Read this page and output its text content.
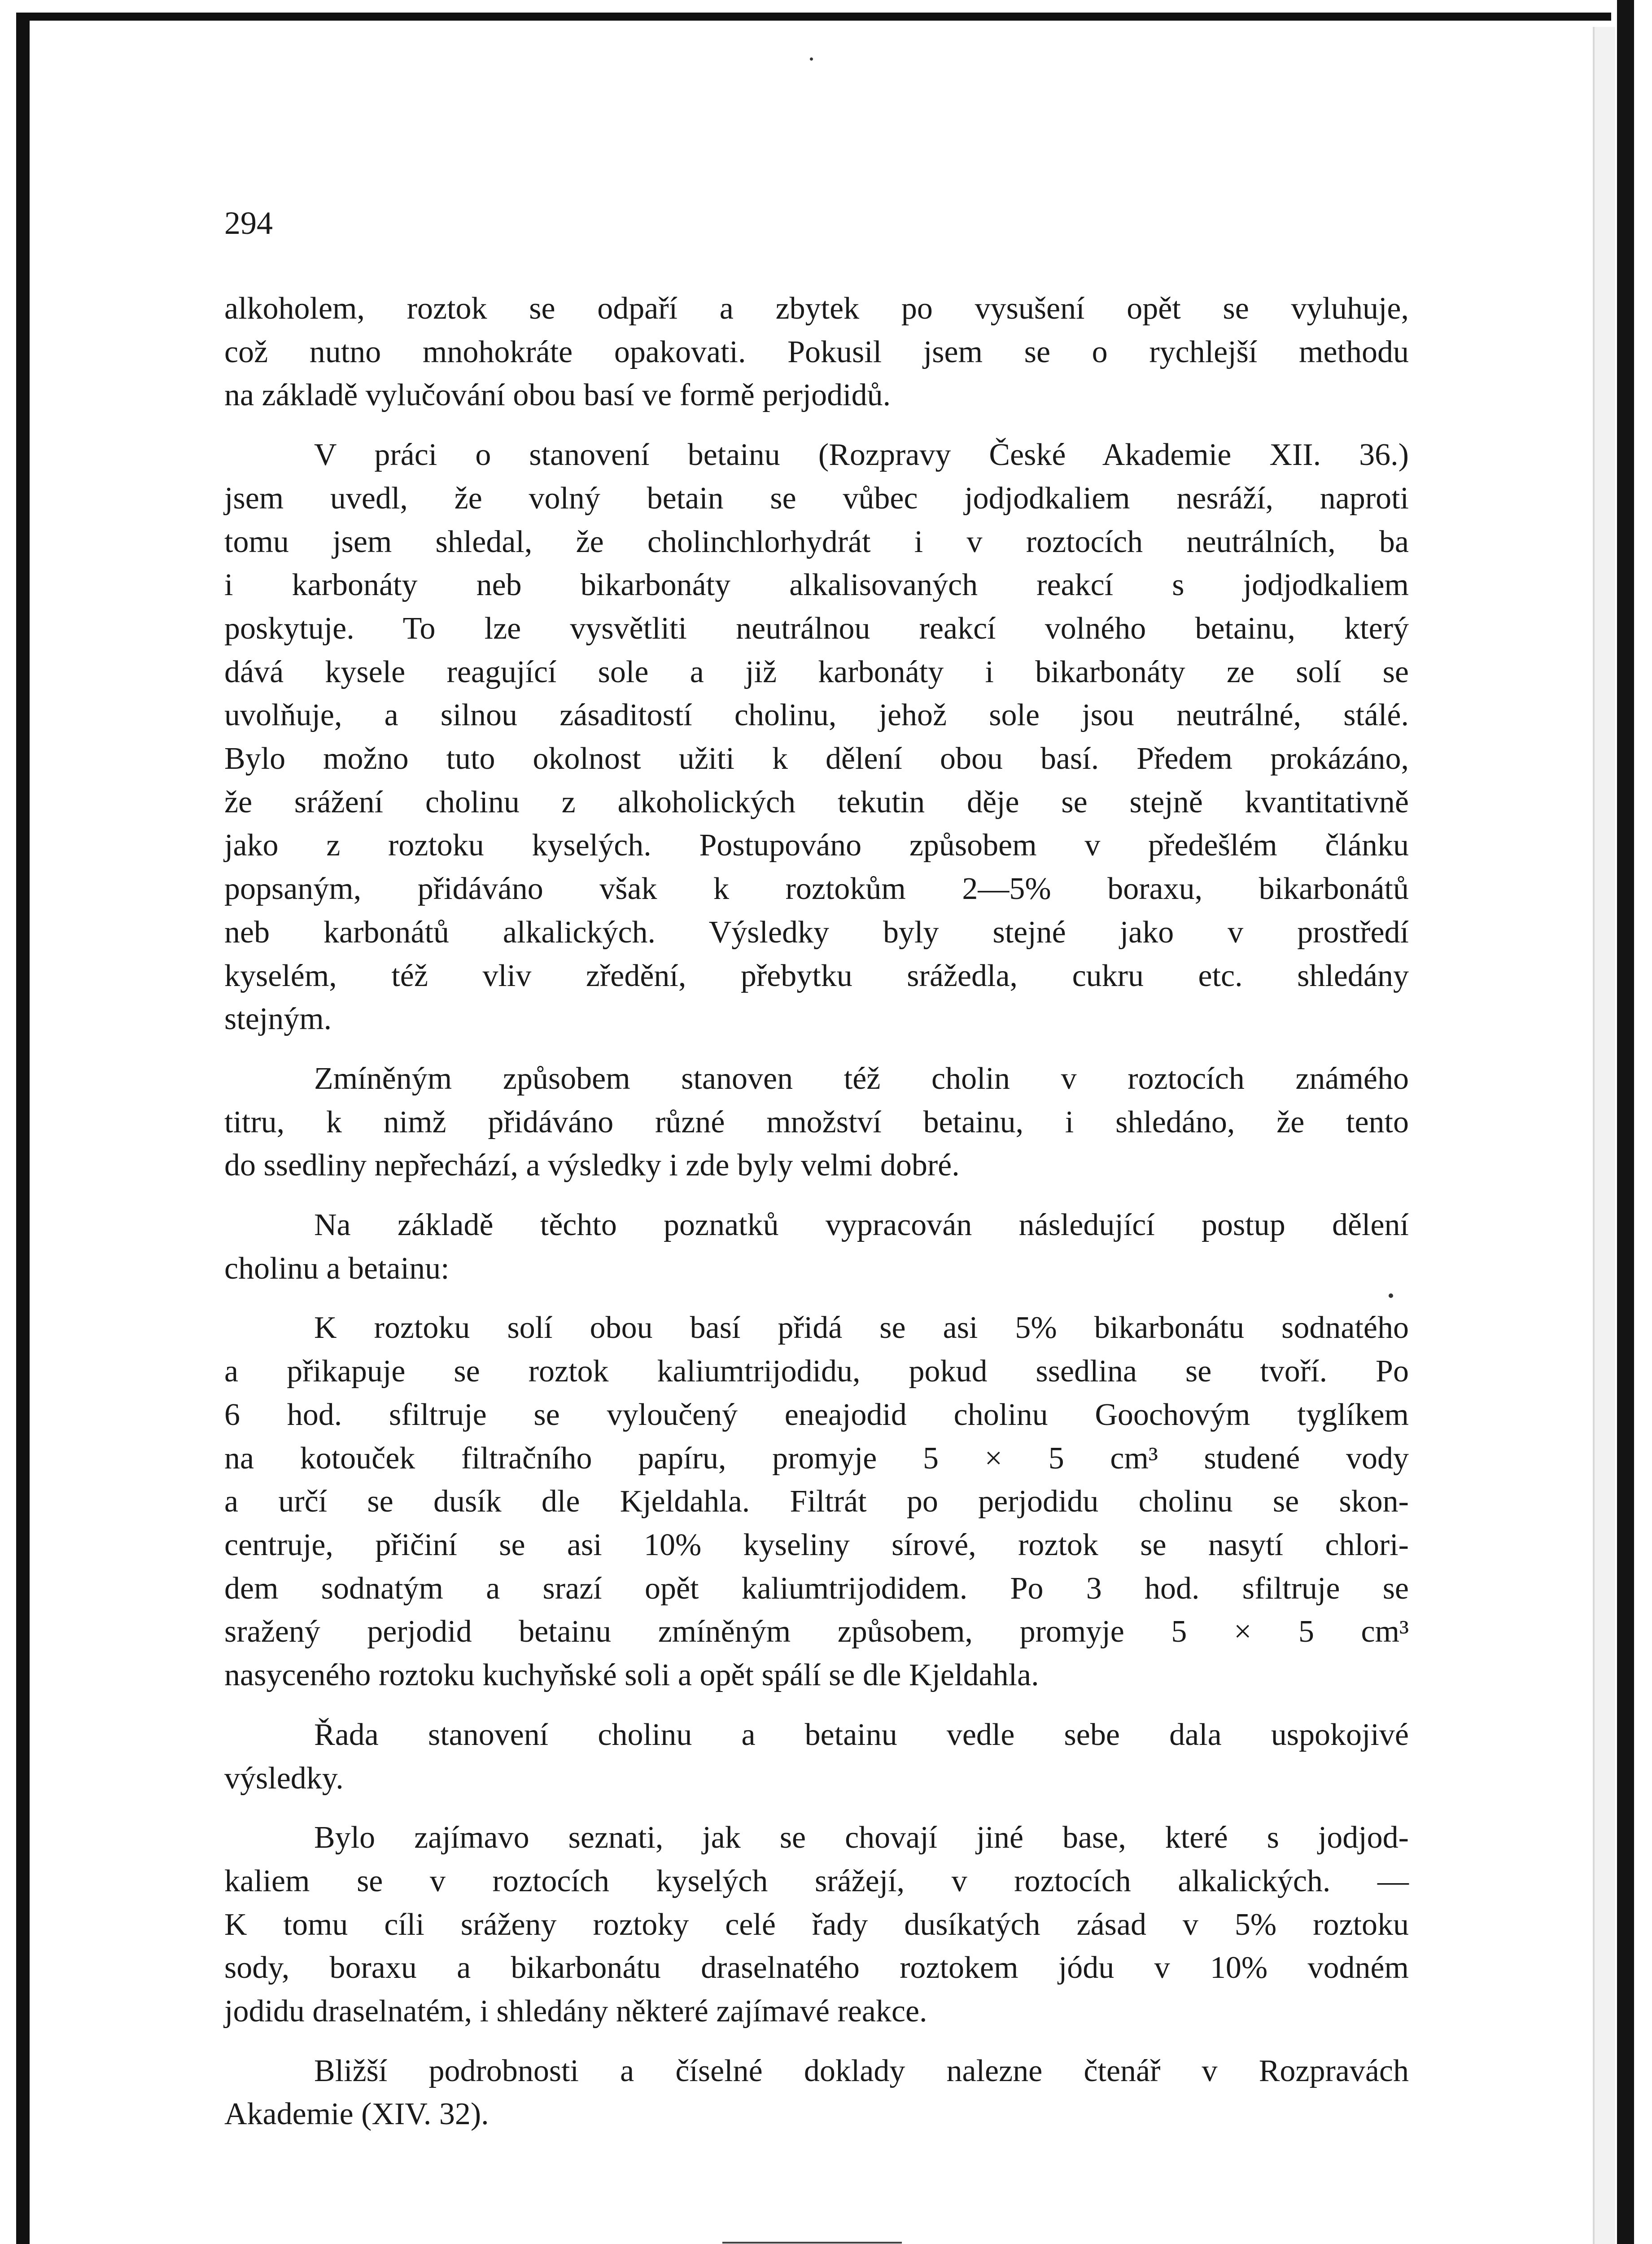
294

alkoholem, roztok se odpaří a zbytek po vysušení opět se vyluhuje,
což nutno mnohokráte opakovati. Pokusil jsem se o rychlejší methodu
na základě vylučování obou basí ve formě perjodidů.

V práci o stanovení betainu (Rozpravy České Akademie XII. 36.)
jsem uvedl, že volný betain se vůbec jodjodkaliem nesráží, naproti
tomu jsem shledal, že cholinchlorhydrát i v roztocích neutrálních, ba
i karbonáty neb bikarbonáty alkalisovaných reakcí s jodjodkaliem
poskytuje. To lze vysvětliti neutrálnou reakcí volného betainu, který
dává kysele reagující sole a již karbonáty i bikarbonáty ze solí se
uvolňuje, a silnou zásaditostí cholinu, jehož sole jsou neutrálné, stálé.
Bylo možno tuto okolnost užiti k dělení obou basí. Předem prokázáno,
že srážení cholinu z alkoholických tekutin děje se stejně kvantitativně
jako z roztoku kyselých. Postupováno způsobem v předešlém článku
popsaným, přidáváno však k roztokům 2—5% boraxu, bikarbonátů
neb karbonátů alkalických. Výsledky byly stejné jako v prostředí
kyselém, též vliv zředění, přebytku srážedla, cukru etc. shledány
stejným.

Zmíněným způsobem stanoven též cholin v roztocích známého
titru, k nimž přidáváno různé množství betainu, i shledáno, že tento
do ssedliny nepřechází, a výsledky i zde byly velmi dobré.

Na základě těchto poznatků vypracován následující postup dělení
cholinu a betainu:

K roztoku solí obou basí přidá se asi 5% bikarbonátu sodnatého
a přikapuje se roztok kaliumtrijodidu, pokud ssedlina se tvoří. Po
6 hod. sfiltruje se vyloučený eneajodid cholinu Goochovým tyglíkem
na kotouček filtračního papíru, promyje 5 × 5 cm³ studené vody
a určí se dusík dle Kjeldahla. Filtrát po perjodidu cholinu se skon-
centruje, přičiní se asi 10% kyseliny sírové, roztok se nasytí chlori-
dem sodnatým a srazí opět kaliumtrijodidem. Po 3 hod. sfiltruje se
sražený perjodid betainu zmíněným způsobem, promyje 5 × 5 cm³
nasyceného roztoku kuchyňské soli a opět spálí se dle Kjeldahla.

Řada stanovení cholinu a betainu vedle sebe dala uspokojivé
výsledky.

Bylo zajímavo seznati, jak se chovají jiné base, které s jodjod-
kaliem se v roztocích kyselých srážejí, v roztocích alkalických. —
K tomu cíli sráženy roztoky celé řady dusíkatých zásad v 5% roztoku
sody, boraxu a bikarbonátu draselnatého roztokem jódu v 10% vodném
jodidu draselnatém, i shledány některé zajímavé reakce.

Bližší podrobnosti a číselné doklady nalezne čtenář v Rozpravách
Akademie (XIV. 32).
